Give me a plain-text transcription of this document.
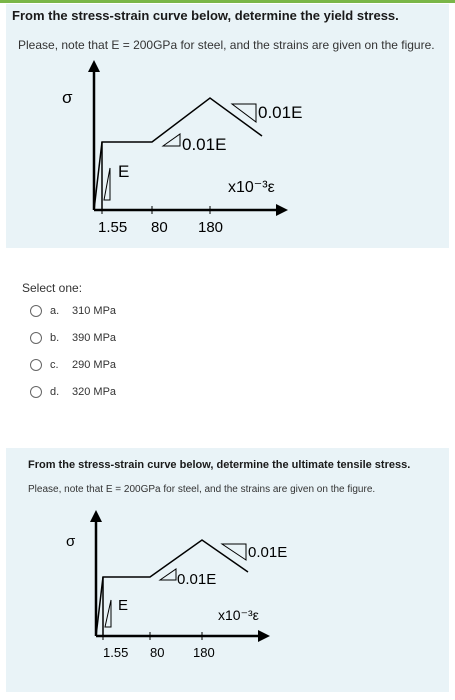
From the stress-strain curve below, determine the yield stress.
Please, note that E = 200GPa for steel, and the strains are given on the figure.
E
0.01E
0.01E
σ
x10⁻³ε
1.55 80 180
Select one:
a.	310 MPa
b.	390 MPa
c.	290 MPa
d.	320 MPa
From the stress-strain curve below, determine the ultimate tensile stress.
Please, note that E = 200GPa for steel, and the strains are given on the figure.
E
0.01E
0.01E
σ
x10⁻³ε
1.55 80 180
